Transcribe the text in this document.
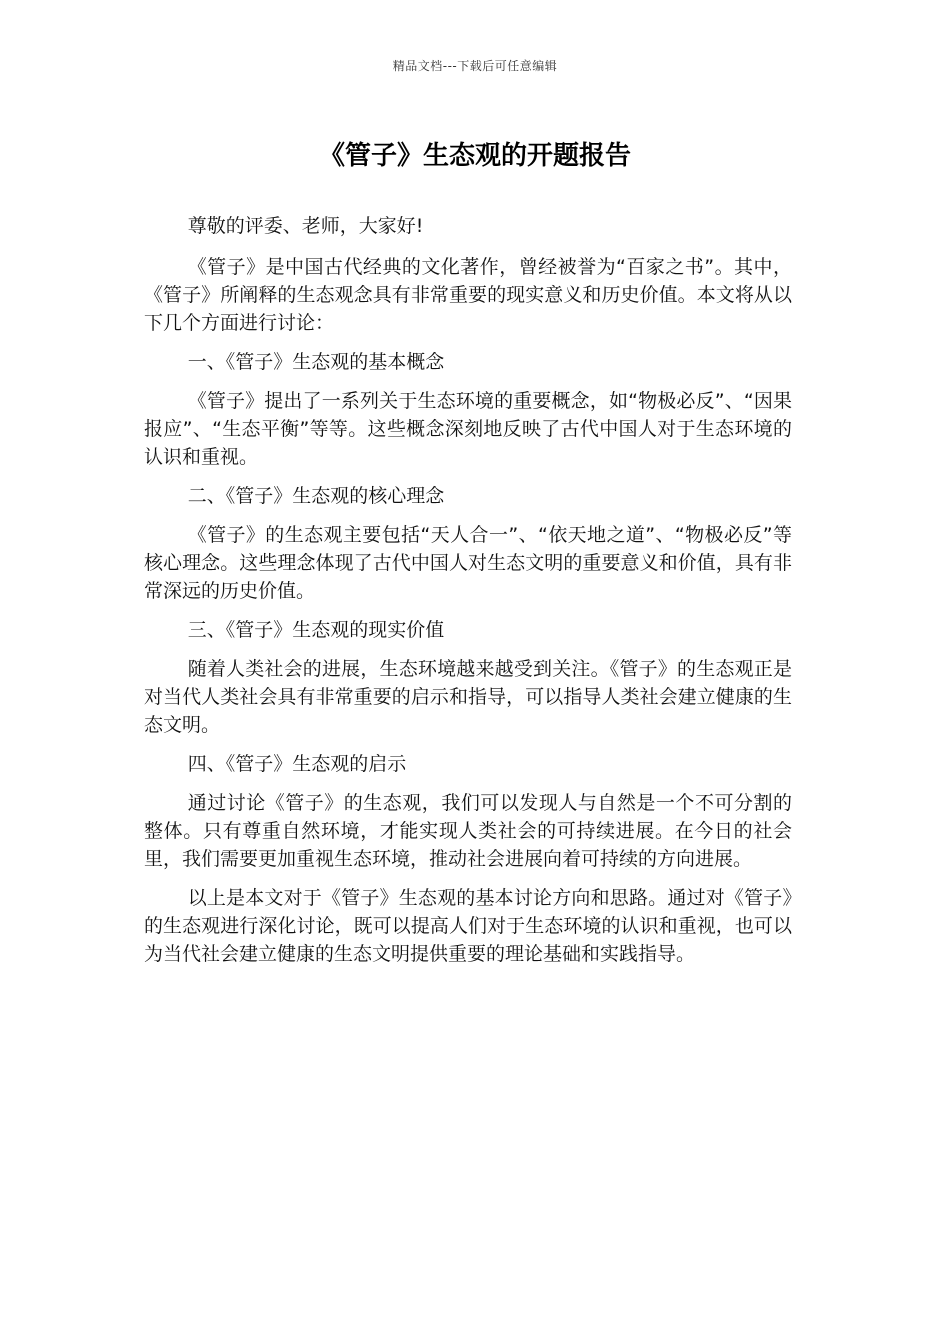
精品文档---下载后可任意编辑
《管子》生态观的开题报告

尊敬的评委、老师，大家好!

《管子》是中国古代经典的文化著作，曾经被誉为“百家之书”。其中，《管子》所阐释的生态观念具有非常重要的现实意义和历史价值。本文将从以下几个方面进行讨论：

一、《管子》生态观的基本概念

《管子》提出了一系列关于生态环境的重要概念，如“物极必反”、“因果报应”、“生态平衡”等等。这些概念深刻地反映了古代中国人对于生态环境的认识和重视。

二、《管子》生态观的核心理念

《管子》的生态观主要包括“天人合一”、“依天地之道”、“物极必反”等核心理念。这些理念体现了古代中国人对生态文明的重要意义和价值，具有非常深远的历史价值。

三、《管子》生态观的现实价值

随着人类社会的进展，生态环境越来越受到关注。《管子》的生态观正是对当代人类社会具有非常重要的启示和指导，可以指导人类社会建立健康的生态文明。

四、《管子》生态观的启示

通过讨论《管子》的生态观，我们可以发现人与自然是一个不可分割的整体。只有尊重自然环境，才能实现人类社会的可持续进展。在今日的社会里，我们需要更加重视生态环境，推动社会进展向着可持续的方向进展。

以上是本文对于《管子》生态观的基本讨论方向和思路。通过对《管子》的生态观进行深化讨论，既可以提高人们对于生态环境的认识和重视，也可以为当代社会建立健康的生态文明提供重要的理论基础和实践指导。
